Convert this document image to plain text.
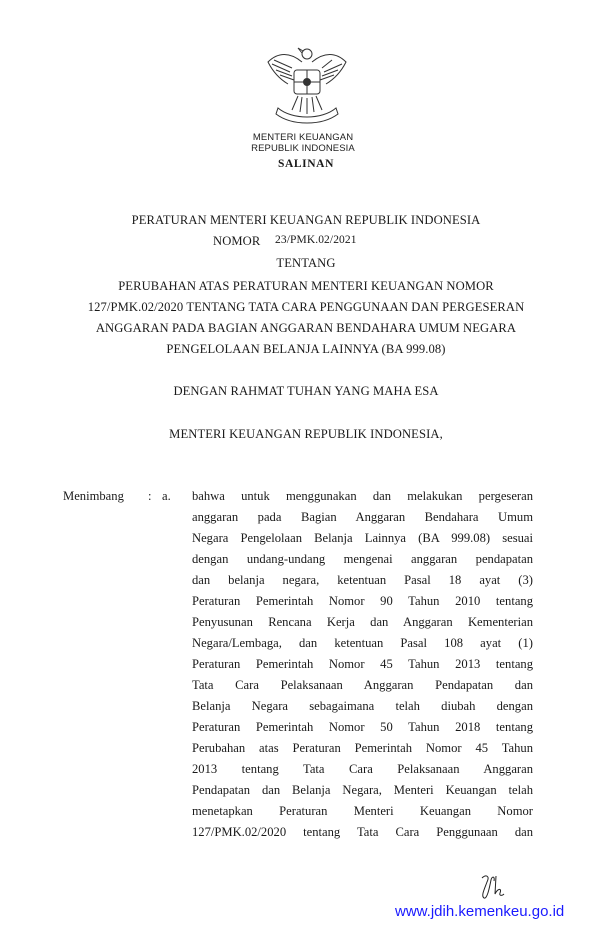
MENTERI KEUANGAN
REPUBLIK INDONESIA
SALINAN
PERATURAN MENTERI KEUANGAN REPUBLIK INDONESIA
NOMOR 23/PMK.02/2021
TENTANG
PERUBAHAN ATAS PERATURAN MENTERI KEUANGAN NOMOR
127/PMK.02/2020 TENTANG TATA CARA PENGGUNAAN DAN PERGESERAN
ANGGARAN PADA BAGIAN ANGGARAN BENDAHARA UMUM NEGARA
PENGELOLAAN BELANJA LAINNYA (BA 999.08)
DENGAN RAHMAT TUHAN YANG MAHA ESA
MENTERI KEUANGAN REPUBLIK INDONESIA,
Menimbang : a. bahwa untuk menggunakan dan melakukan pergeseran
anggaran pada Bagian Anggaran Bendahara Umum
Negara Pengelolaan Belanja Lainnya (BA 999.08) sesuai
dengan undang-undang mengenai anggaran pendapatan
dan belanja negara, ketentuan Pasal 18 ayat (3)
Peraturan Pemerintah Nomor 90 Tahun 2010 tentang
Penyusunan Rencana Kerja dan Anggaran Kementerian
Negara/Lembaga, dan ketentuan Pasal 108 ayat (1)
Peraturan Pemerintah Nomor 45 Tahun 2013 tentang
Tata Cara Pelaksanaan Anggaran Pendapatan dan
Belanja Negara sebagaimana telah diubah dengan
Peraturan Pemerintah Nomor 50 Tahun 2018 tentang
Perubahan atas Peraturan Pemerintah Nomor 45 Tahun
2013 tentang Tata Cara Pelaksanaan Anggaran
Pendapatan dan Belanja Negara, Menteri Keuangan telah
menetapkan Peraturan Menteri Keuangan Nomor
127/PMK.02/2020 tentang Tata Cara Penggunaan dan
www.jdih.kemenkeu.go.id
